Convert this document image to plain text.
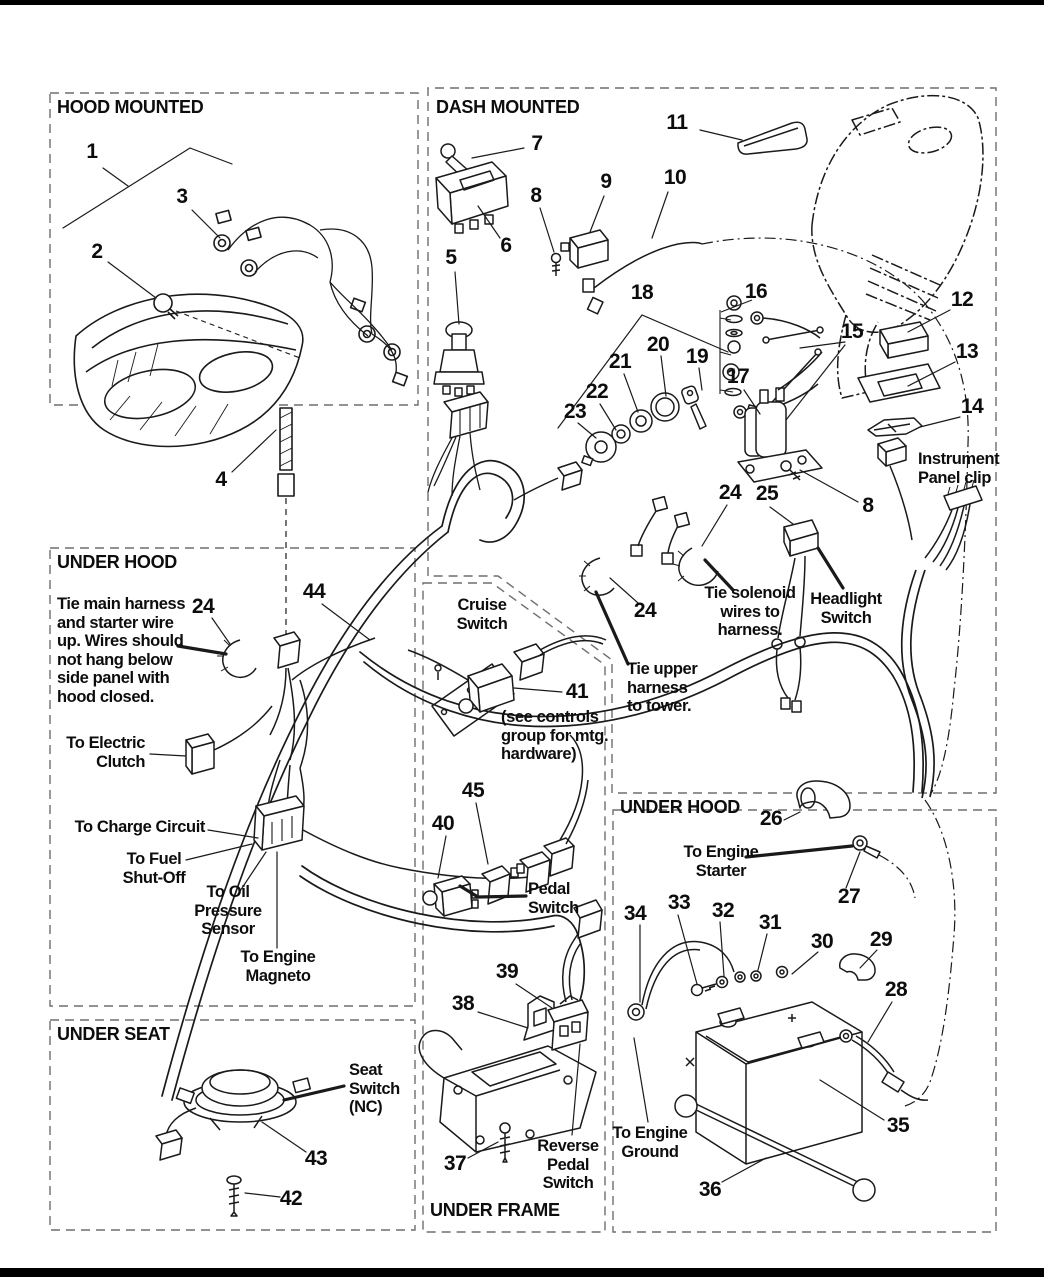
HOOD MOUNTED	DASH MOUNTED
UNDER HOOD
UNDER SEAT
UNDER FRAME
UNDER HOOD
1
2
3
4
5
6
7
8
9 10
11
12
13
14
15
16
17
18
19
20
21
22
23
24 25
8
24
44
24
41
45
40	26
27
34 33 32
31
30 29
28
35
36
39
38
37
43
42
Instrument
Panel clip
Tie solenoid
wires to
harness.
Headlight
Switch
Tie upper
harness
to tower.
Cruise
Switch
(see controls
group for mtg.
hardware)
Pedal
Switch
Reverse
Pedal
Switch
Seat
Switch
(NC)
Tie main harness
and starter wire
up. Wires should
not hang below
side panel with
hood closed.
To Electric
Clutch
To Charge Circuit
To Fuel
Shut-Off
To Oil
Pressure
Sensor
To Engine
Magneto
To Engine
Starter
To Engine
Ground
